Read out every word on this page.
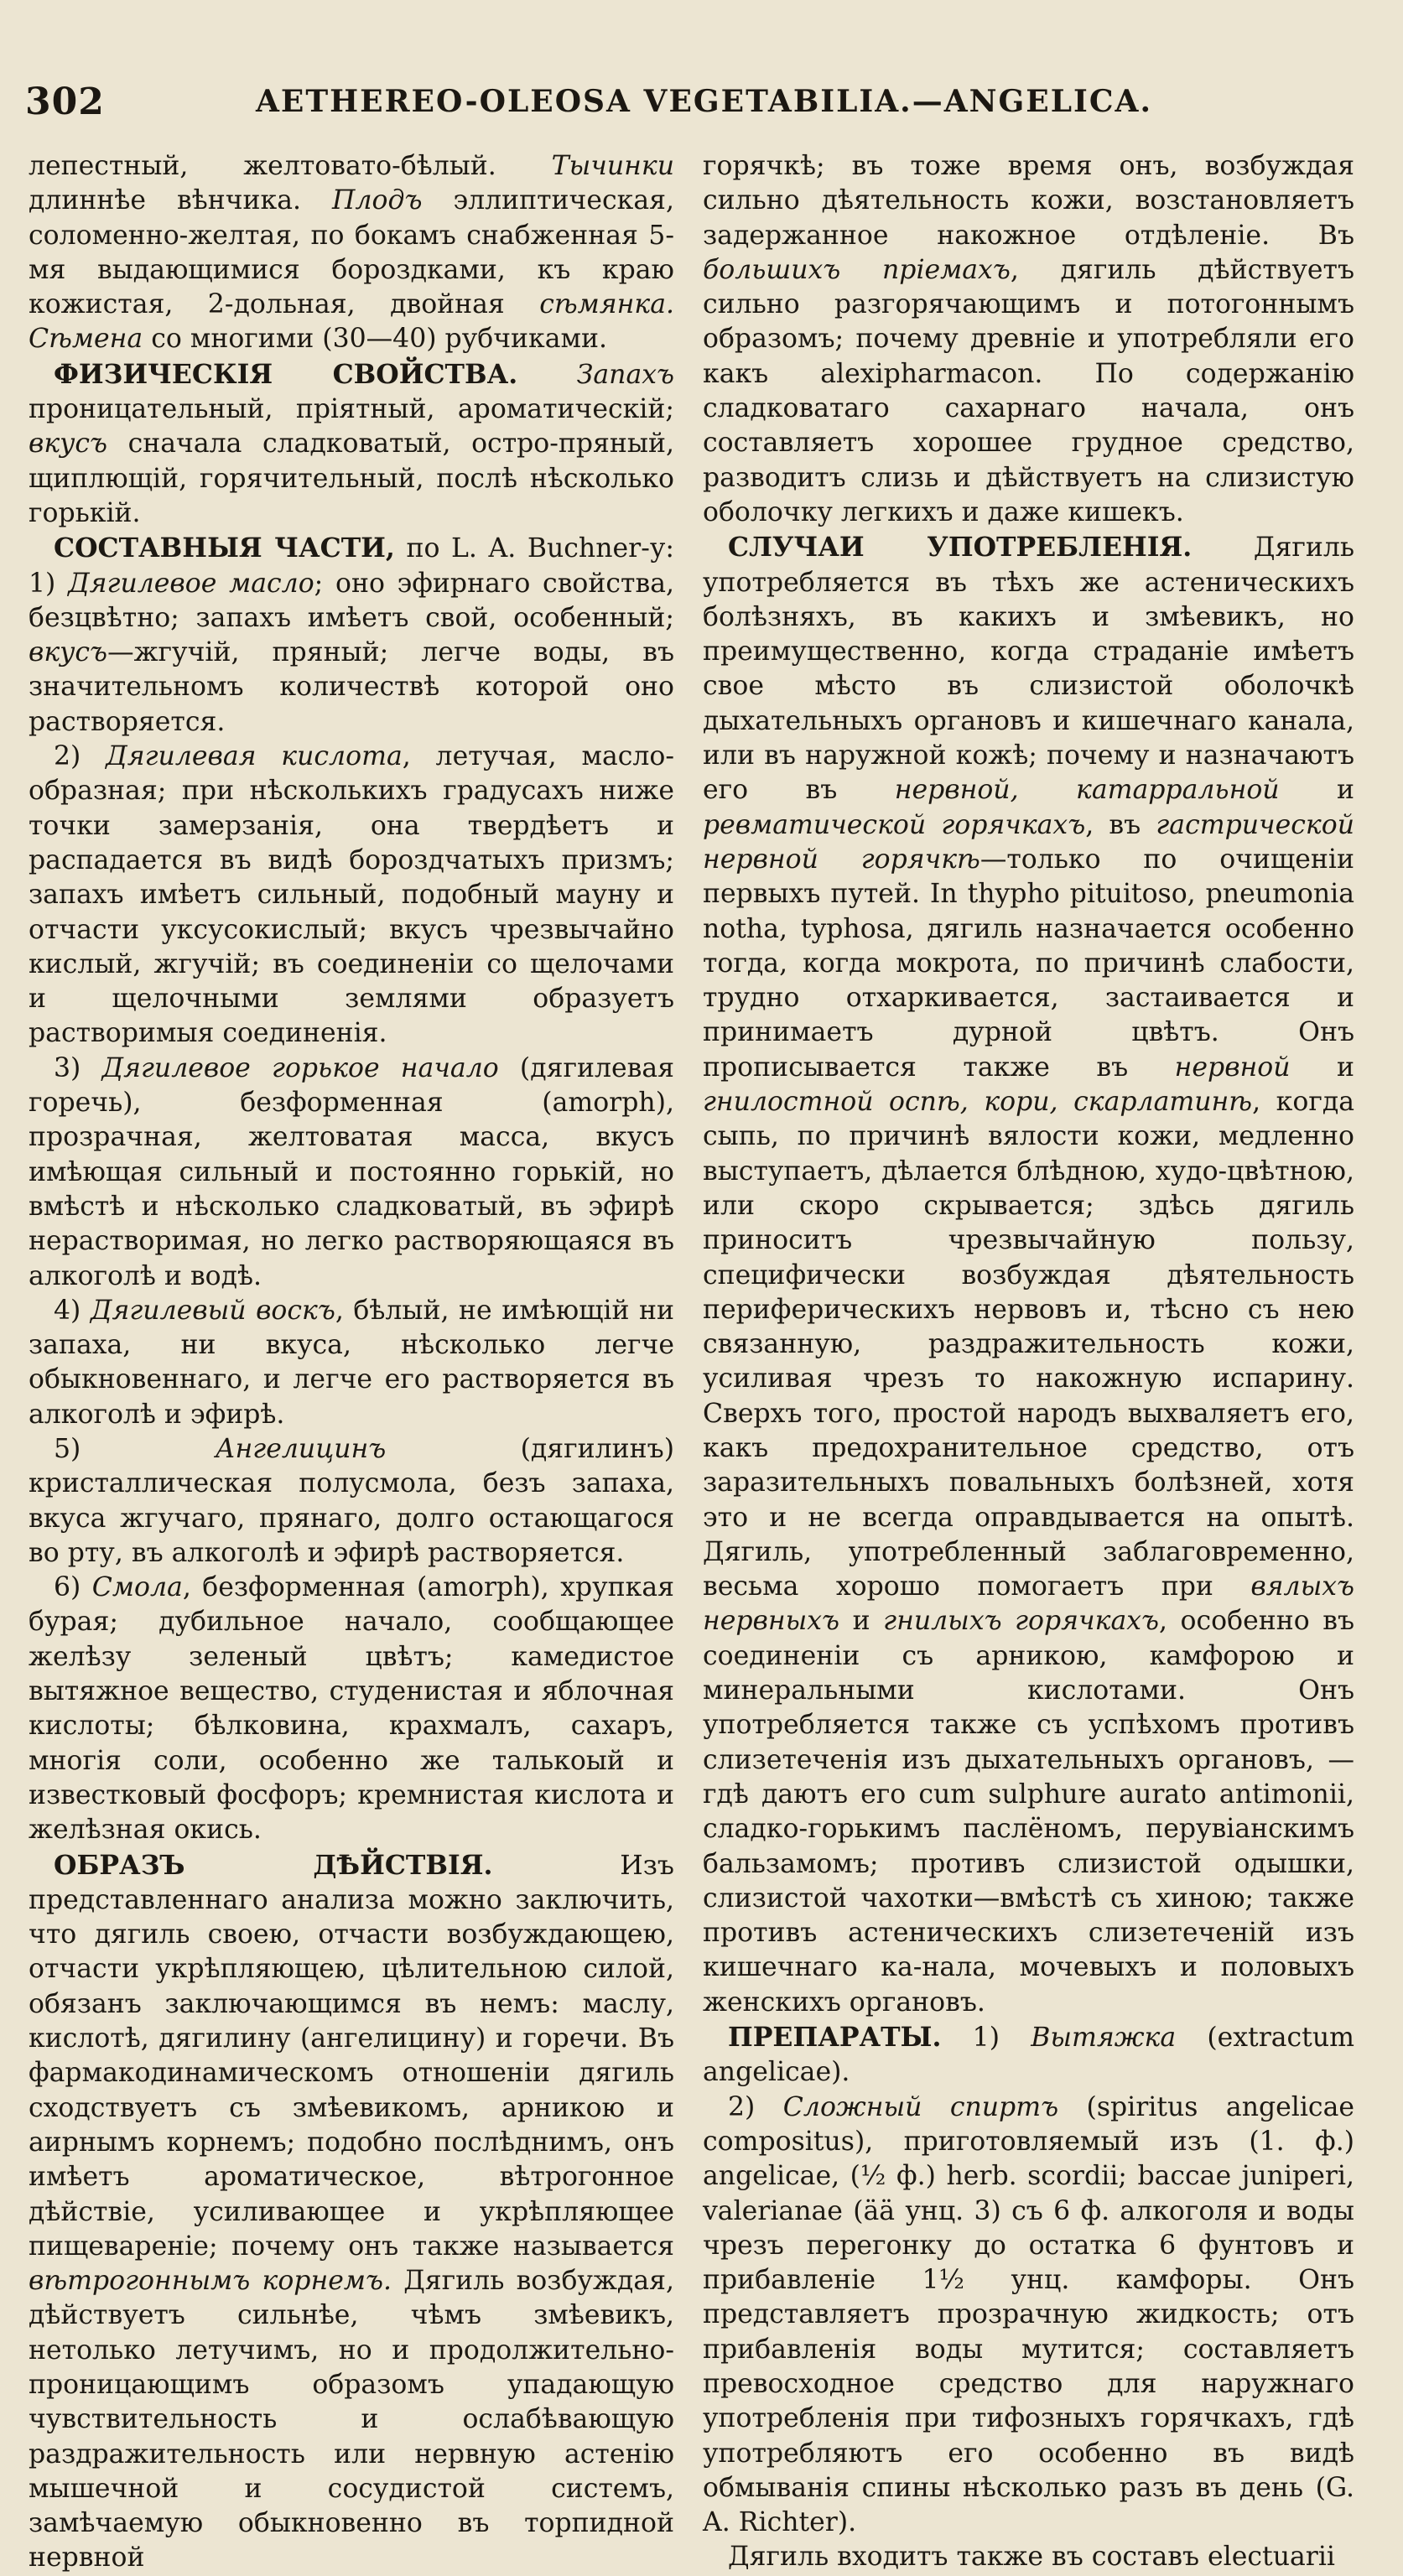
302	AETHEREO-OLEOSA VEGETABILIA.—ANGELICA.

лепестный, желтовато-бѣлый. Тычинки длиннѣе вѣнчика. Плодъ эллиптическая, соломенно-желтая, по бокамъ снабженная 5-мя выдающимися бороздками, къ краю кожистая, 2-дольная, двойная сѣмянка. Сѣмена со многими (30—40) рубчиками.

ФИЗИЧЕСКІЯ СВОЙСТВА. Запахъ проницательный, пріятный, ароматическій; вкусъ сначала сладковатый, остро-пряный, щиплющій, горячительный, послѣ нѣсколько горькій.

СОСТАВНЫЯ ЧАСТИ, по L. A. Buchner-у: 1) Дягилевое масло; оно эфирнаго свойства, безцвѣтно; запахъ имѣетъ свой, особенный; вкусъ—жгучій, пряный; легче воды, въ значительномъ количествѣ которой оно растворяется.

2) Дягилевая кислота, летучая, масло-образная; при нѣсколькихъ градусахъ ниже точки замерзанія, она твердѣетъ и распадается въ видѣ бороздчатыхъ призмъ; запахъ имѣетъ сильный, подобный мауну и отчасти уксусокислый; вкусъ чрезвычайно кислый, жгучій; въ соединеніи со щелочами и щелочными землями образуетъ растворимыя соединенія.

3) Дягилевое горькое начало (дягилевая горечь), безформенная (amorph), прозрачная, желтоватая масса, вкусъ имѣющая сильный и постоянно горькій, но вмѣстѣ и нѣсколько сладковатый, въ эфирѣ нерастворимая, но легко растворяющаяся въ алкоголѣ и водѣ.

4) Дягилевый воскъ, бѣлый, не имѣющій ни запаха, ни вкуса, нѣсколько легче обыкновеннаго, и легче его растворяется въ алкоголѣ и эфирѣ.

5) Ангелицинъ (дягилинъ) кристаллическая полусмола, безъ запаха, вкуса жгучаго, прянаго, долго остающагося во рту, въ алкоголѣ и эфирѣ растворяется.

6) Смола, безформенная (amorph), хрупкая бурая; дубильное начало, сообщающее желѣзу зеленый цвѣтъ; камедистое вытяжное вещество, студенистая и яблочная кислоты; бѣлковина, крахмалъ, сахаръ, многія соли, особенно же талькоый и известковый фосфоръ; кремнистая кислота и желѣзная окись.

ОБРАЗЪ ДѢЙСТВІЯ. Изъ представленнаго анализа можно заключить, что дягиль своею, отчасти возбуждающею, отчасти укрѣпляющею, цѣлительною силой, обязанъ заключающимся въ немъ: маслу, кислотѣ, дягилину (ангелицину) и горечи. Въ фармакодинамическомъ отношеніи дягиль сходствуетъ съ змѣевикомъ, арникою и аирнымъ корнемъ; подобно послѣднимъ, онъ имѣетъ ароматическое, вѣтрогонное дѣйствіе, усиливающее и укрѣпляющее пищевареніе; почему онъ также называется вѣтрогоннымъ корнемъ. Дягиль возбуждая, дѣйствуетъ сильнѣе, чѣмъ змѣевикъ, нетолько летучимъ, но и продолжительно-проницающимъ образомъ упадающую чувствительность и ослабѣвающую раздражительность или нервную астенію мышечной и сосудистой системъ, замѣчаемую обыкновенно въ торпидной нервной

горячкѣ; въ тоже время онъ, возбуждая сильно дѣятельность кожи, возстановляетъ задержанное накожное отдѣленіе. Въ большихъ пріемахъ, дягиль дѣйствуетъ сильно разгорячающимъ и потогоннымъ образомъ; почему древніе и употребляли его какъ alexipharmacon. По содержанію сладковатаго сахарнаго начала, онъ составляетъ хорошее грудное средство, разводитъ слизь и дѣйствуетъ на слизистую оболочку легкихъ и даже кишекъ.

СЛУЧАИ УПОТРЕБЛЕНІЯ. Дягиль употребляется въ тѣхъ же астеническихъ болѣзняхъ, въ какихъ и змѣевикъ, но преимущественно, когда страданіе имѣетъ свое мѣсто въ слизистой оболочкѣ дыхательныхъ органовъ и кишечнаго канала, или въ наружной кожѣ; почему и назначаютъ его въ нервной, катарральной и ревматической горячкахъ, въ гастрической нервной горячкѣ—только по очищеніи первыхъ путей. In thypho pituitoso, pneumonia notha, typhosa, дягиль назначается особенно тогда, когда мокрота, по причинѣ слабости, трудно отхаркивается, застаивается и принимаетъ дурной цвѣтъ. Онъ прописывается также въ нервной и гнилостной оспѣ, кори, скарлатинѣ, когда сыпь, по причинѣ вялости кожи, медленно выступаетъ, дѣлается блѣдною, худо-цвѣтною, или скоро скрывается; здѣсь дягиль приноситъ чрезвычайную пользу, специфически возбуждая дѣятельность периферическихъ нервовъ и, тѣсно съ нею связанную, раздражительность кожи, усиливая чрезъ то накожную испарину. Сверхъ того, простой народъ выхваляетъ его, какъ предохранительное средство, отъ заразительныхъ повальныхъ болѣзней, хотя это и не всегда оправдывается на опытѣ. Дягиль, употребленный заблаговременно, весьма хорошо помогаетъ при вялыхъ нервныхъ и гнилыхъ горячкахъ, особенно въ соединеніи съ арникою, камфорою и минеральными кислотами. Онъ употребляется также съ успѣхомъ противъ слизетеченія изъ дыхательныхъ органовъ, — гдѣ даютъ его cum sulphure aurato antimonii, сладко-горькимъ паслёномъ, перувіанскимъ бальзамомъ; противъ слизистой одышки, слизистой чахотки—вмѣстѣ съ хиною; также противъ астеническихъ слизетеченій изъ кишечнаго ка-нала, мочевыхъ и половыхъ женскихъ органовъ.

ПРЕПАРАТЫ. 1) Вытяжка (extractum angelicae).

2) Сложный спиртъ (spiritus angelicae compositus), приготовляемый изъ (1. ф.) angelicae, (½ ф.) herb. scordii; baccae juniperi, valerianae (ää унц. 3) съ 6 ф. алкоголя и воды чрезъ перегонку до остатка 6 фунтовъ и прибавленіе 1½ унц. камфоры. Онъ представляетъ прозрачную жидкость; отъ прибавленія воды мутится; составляетъ превосходное средство для наружнаго употребленія при тифозныхъ горячкахъ, гдѣ употребляютъ его особенно въ видѣ обмыванія спины нѣсколько разъ въ день (G. A. Richter).

Дягиль входитъ также въ составъ electuarii
